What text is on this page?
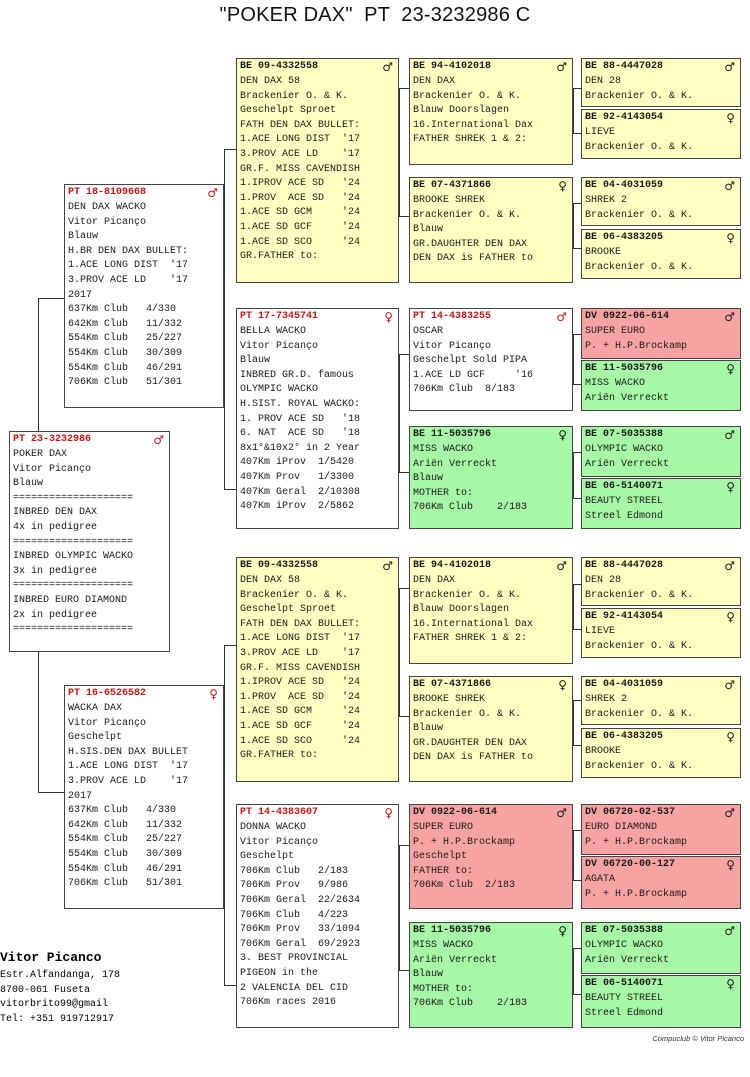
"POKER DAX"  PT  23-3232986 C
PT 23-3232986	♂
POKER DAX
Vitor Picanço
Blauw
====================
INBRED DEN DAX
4x in pedigree
====================
INBRED OLYMPIC WACKO
3x in pedigree
====================
INBRED EURO DIAMOND
2x in pedigree
====================
PT 18-8109668	♂
DEN DAX WACKO
Vitor Picanço
Blauw
H.BR DEN DAX BULLET:
1.ACE LONG DIST  '17
3.PROV ACE LD    '17
2017
637Km Club   4/330
642Km Club   11/332
554Km Club   25/227
554Km Club   30/309
554Km Club   46/291
706Km Club   51/301
PT 16-6526582	♀
WACKA DAX
Vitor Picanço
Geschelpt
H.SIS.DEN DAX BULLET
1.ACE LONG DIST  '17
3.PROV ACE LD    '17
2017
637Km Club   4/330
642Km Club   11/332
554Km Club   25/227
554Km Club   30/309
554Km Club   46/291
706Km Club   51/301
BE 09-4332558	♂
DEN DAX 58
Brackenier O. & K.
Geschelpt Sproet
FATH DEN DAX BULLET:
1.ACE LONG DIST  '17
3.PROV ACE LD    '17
GR.F. MISS CAVENDISH
1.IPROV ACE SD   '24
1.PROV  ACE SD   '24
1.ACE SD GCM     '24
1.ACE SD GCF     '24
1.ACE SD SCO     '24
GR.FATHER to:
PT 17-7345741	♀
BELLA WACKO
Vitor Picanço
Blauw
INBRED GR.D. famous
OLYMPIC WACKO
H.SIST. ROYAL WACKO:
1. PROV ACE SD   '18
6. NAT  ACE SD   '18
8x1°&10x2° in 2 Year
407Km iProv  1/5420
407Km Prov   1/3300
407Km Geral  2/10308
407Km iProv  2/5862
BE 09-4332558	♂
DEN DAX 58
Brackenier O. & K.
Geschelpt Sproet
FATH DEN DAX BULLET:
1.ACE LONG DIST  '17
3.PROV ACE LD    '17
GR.F. MISS CAVENDISH
1.IPROV ACE SD   '24
1.PROV  ACE SD   '24
1.ACE SD GCM     '24
1.ACE SD GCF     '24
1.ACE SD SCO     '24
GR.FATHER to:
PT 14-4383607	♀
DONNA WACKO
Vitor Picanço
Geschelpt
706Km Club   2/183
706Km Prov   9/986
706Km Geral  22/2634
706Km Club   4/223
706Km Prov   33/1094
706Km Geral  69/2923
3. BEST PROVINCIAL
PIGEON in the
2 VALENCIA DEL CID
706Km races 2016
BE 94-4102018	♂
DEN DAX
Brackenier O. & K.
Blauw Doorslagen
16.International Dax
FATHER SHREK 1 & 2:
BE 07-4371866	♀
BROOKE SHREK
Brackenier O. & K.
Blauw
GR.DAUGHTER DEN DAX
DEN DAX is FATHER to
PT 14-4383255	♂
OSCAR
Vitor Picanço
Geschelpt Sold PIPA
1.ACE LD GCF     '16
706Km Club  8/183
BE 11-5035796	♀
MISS WACKO
Ariën Verreckt
Blauw
MOTHER to:
706Km Club    2/183
BE 94-4102018	♂
DEN DAX
Brackenier O. & K.
Blauw Doorslagen
16.International Dax
FATHER SHREK 1 & 2:
BE 07-4371866	♀
BROOKE SHREK
Brackenier O. & K.
Blauw
GR.DAUGHTER DEN DAX
DEN DAX is FATHER to
DV 0922-06-614	♂
SUPER EURO
P. + H.P.Brockamp
Geschelpt
FATHER to:
706Km Club  2/183
BE 11-5035796	♀
MISS WACKO
Ariën Verreckt
Blauw
MOTHER to:
706Km Club    2/183
BE 88-4447028	♂
DEN 28
Brackenier O. & K.
BE 92-4143054	♀
LIEVE
Brackenier O. & K.
BE 04-4031059	♂
SHREK 2
Brackenier O. & K.
BE 06-4383205	♀
BROOKE
Brackenier O. & K.
DV 0922-06-614	♂
SUPER EURO
P. + H.P.Brockamp
BE 11-5035796	♀
MISS WACKO
Ariën Verreckt
BE 07-5035388	♂
OLYMPIC WACKO
Ariën Verreckt
BE 06-5140071	♀
BEAUTY STREEL
Streel Edmond
BE 88-4447028	♂
DEN 28
Brackenier O. & K.
BE 92-4143054	♀
LIEVE
Brackenier O. & K.
BE 04-4031059	♂
SHREK 2
Brackenier O. & K.
BE 06-4383205	♀
BROOKE
Brackenier O. & K.
DV 06720-02-537	♂
EURO DIAMOND
P. + H.P.Brockamp
DV 06720-00-127	♀
AGATA
P. + H.P.Brockamp
BE 07-5035388	♂
OLYMPIC WACKO
Ariën Verreckt
BE 06-5140071	♀
BEAUTY STREEL
Streel Edmond
Vitor Picanco
Estr.Alfandanga, 178
8700-061 Fuseta
vitorbrito99@gmail
Tel: +351 919712917
Compuclub © Vitor Picanco
